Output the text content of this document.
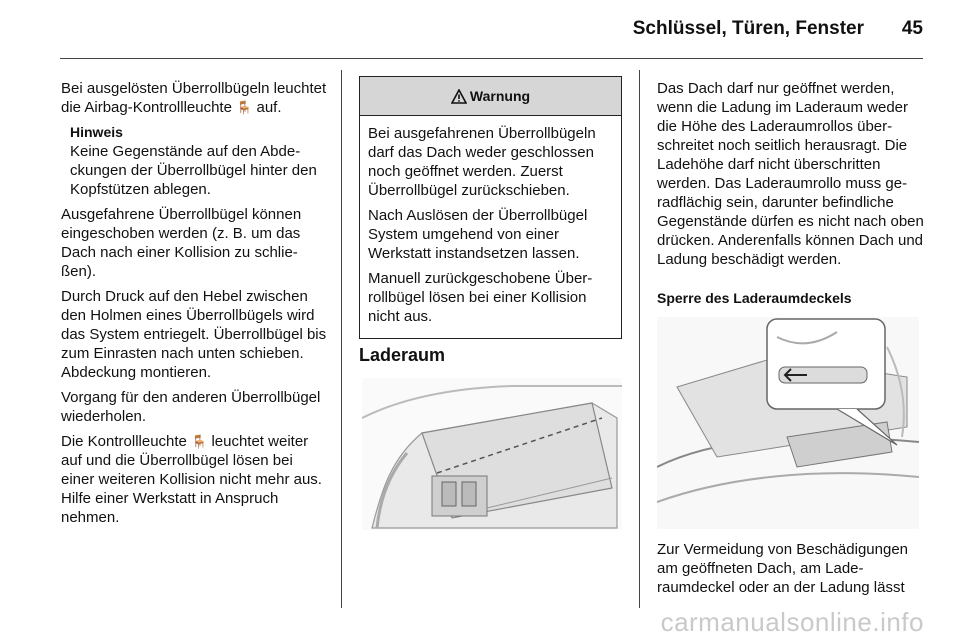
Schlüssel, Türen, Fenster 45

Bei ausgelösten Überrollbügeln leuchtet die Airbag-Kontrollleuchte 🪑 auf.

Hinweis
Keine Gegenstände auf den Abdeckungen der Überrollbügel hinter den Kopfstützen ablegen.

Ausgefahrene Überrollbügel können eingeschoben werden (z. B. um das Dach nach einer Kollision zu schließen).

Durch Druck auf den Hebel zwischen den Holmen eines Überrollbügels wird das System entriegelt. Überrollbügel bis zum Einrasten nach unten schieben. Abdeckung montieren.

Vorgang für den anderen Überrollbügel wiederholen.

Die Kontrollleuchte 🪑 leuchtet weiter auf und die Überrollbügel lösen bei einer weiteren Kollision nicht mehr aus. Hilfe einer Werkstatt in Anspruch nehmen.

Warnung

Bei ausgefahrenen Überrollbügeln darf das Dach weder geschlossen noch geöffnet werden. Zuerst Überrollbügel zurückschieben.

Nach Auslösen der Überrollbügel System umgehend von einer Werkstatt instandsetzen lassen.

Manuell zurückgeschobene Überrollbügel lösen bei einer Kollision nicht aus.

Laderaum

Das Dach darf nur geöffnet werden, wenn die Ladung im Laderaum weder die Höhe des Laderaumrollos überschreitet noch seitlich herausragt. Die Ladehöhe darf nicht überschritten werden. Das Laderaumrollo muss geradflächig sein, darunter befindliche Gegenstände dürfen es nicht nach oben drücken. Anderenfalls können Dach und Ladung beschädigt werden.

Sperre des Laderaumdeckels

Zur Vermeidung von Beschädigungen am geöffneten Dach, am Laderaumdeckel oder an der Ladung lässt

carmanualsonline.info
